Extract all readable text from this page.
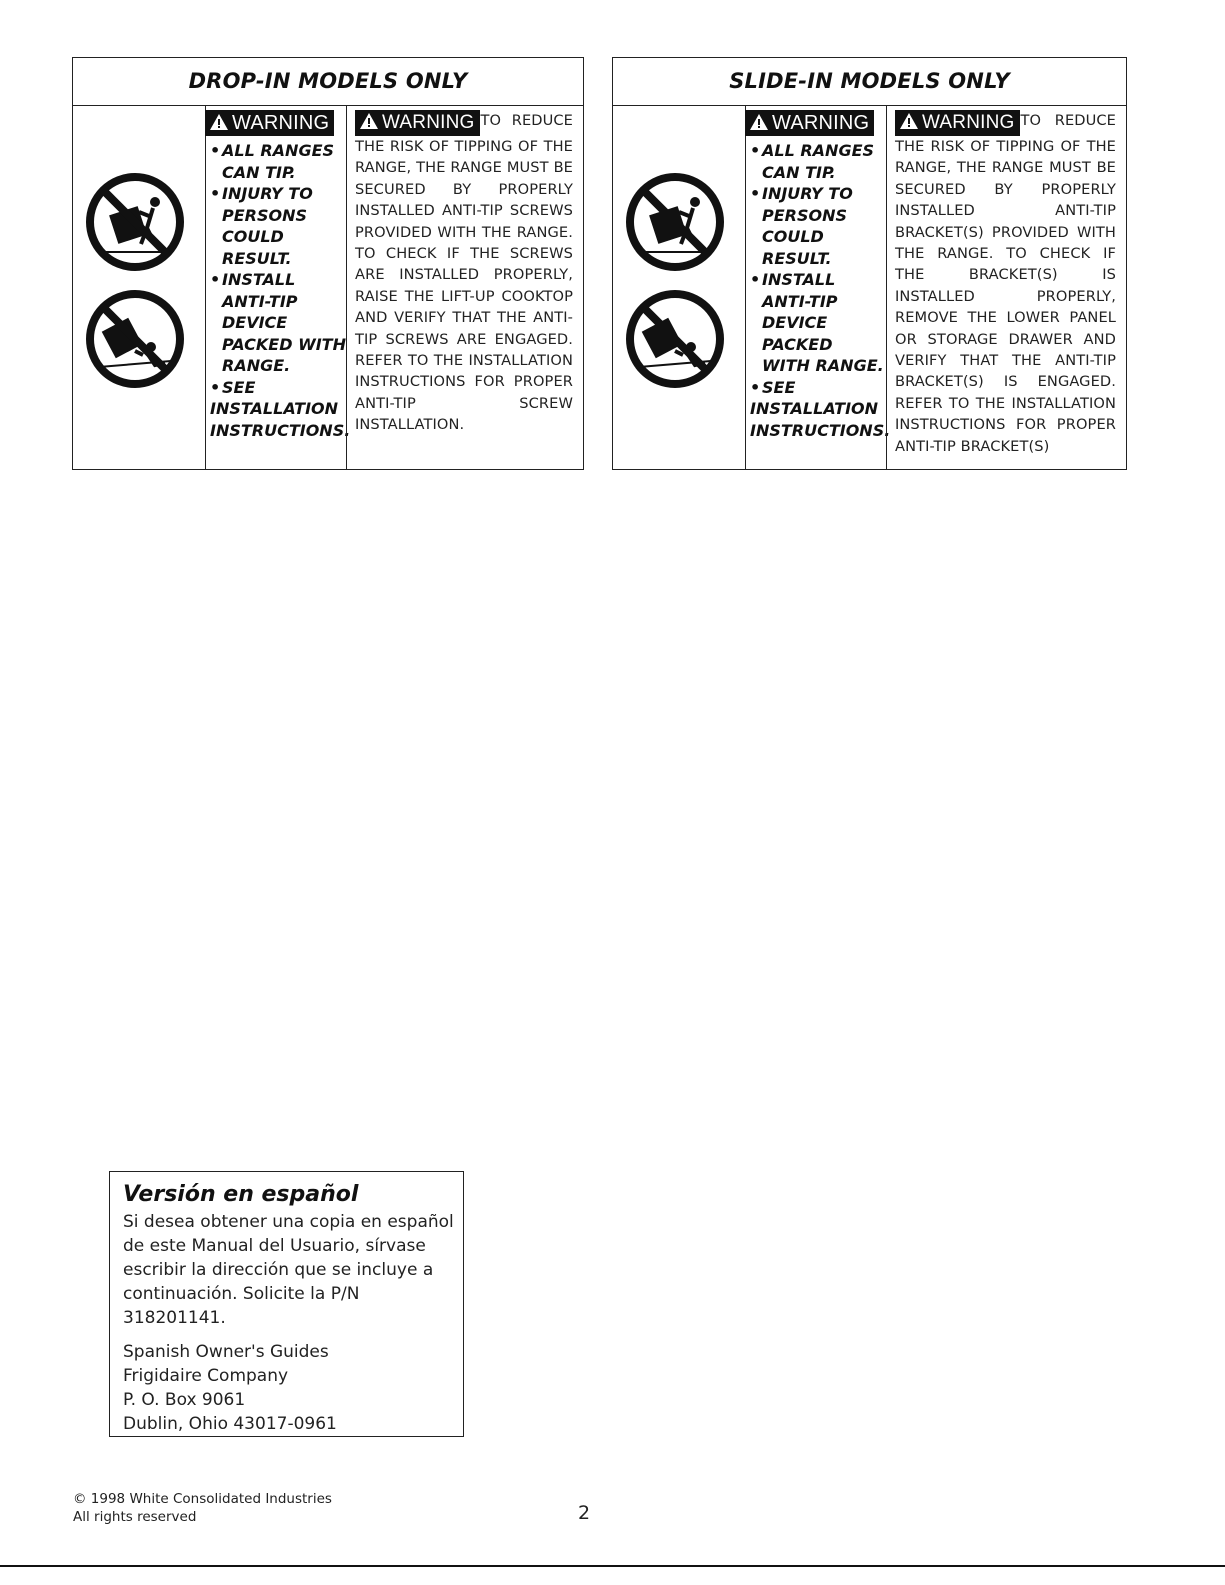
DROP-IN MODELS ONLY
WARNING
• ALL RANGES
CAN TIP.
• INJURY TO
PERSONS
COULD
RESULT.
• INSTALL
ANTI-TIP
DEVICE
PACKED WITH
RANGE.
• SEE
INSTALLATION
INSTRUCTIONS.
WARNING TO REDUCE THE RISK OF TIPPING OF THE RANGE, THE RANGE MUST BE SECURED BY PROPERLY INSTALLED ANTI-TIP SCREWS PROVIDED WITH THE RANGE. TO CHECK IF THE SCREWS ARE INSTALLED PROPERLY, RAISE THE LIFT-UP COOKTOP AND VERIFY THAT THE ANTI-TIP SCREWS ARE ENGAGED. REFER TO THE INSTALLATION INSTRUCTIONS FOR PROPER ANTI-TIP SCREW INSTALLATION.
SLIDE-IN MODELS ONLY
WARNING
• ALL RANGES
CAN TIP.
• INJURY TO
PERSONS
COULD
RESULT.
• INSTALL
ANTI-TIP
DEVICE
PACKED
WITH RANGE.
• SEE
INSTALLATION
INSTRUCTIONS.
WARNING TO REDUCE THE RISK OF TIPPING OF THE RANGE, THE RANGE MUST BE SECURED BY PROPERLY INSTALLED ANTI-TIP BRACKET(S) PROVIDED WITH THE RANGE. TO CHECK IF THE BRACKET(S) IS INSTALLED PROPERLY, REMOVE THE LOWER PANEL OR STORAGE DRAWER AND VERIFY THAT THE ANTI-TIP BRACKET(S) IS ENGAGED. REFER TO THE INSTALLATION INSTRUCTIONS FOR PROPER ANTI-TIP BRACKET(S)
Versión en español
Si desea obtener una copia en español
de este Manual del Usuario, sírvase
escribir la dirección que se incluye a
continuación. Solicite la P/N
318201141.
Spanish Owner's Guides
Frigidaire Company
P. O. Box 9061
Dublin, Ohio 43017-0961
© 1998 White Consolidated Industries
All rights reserved	2
